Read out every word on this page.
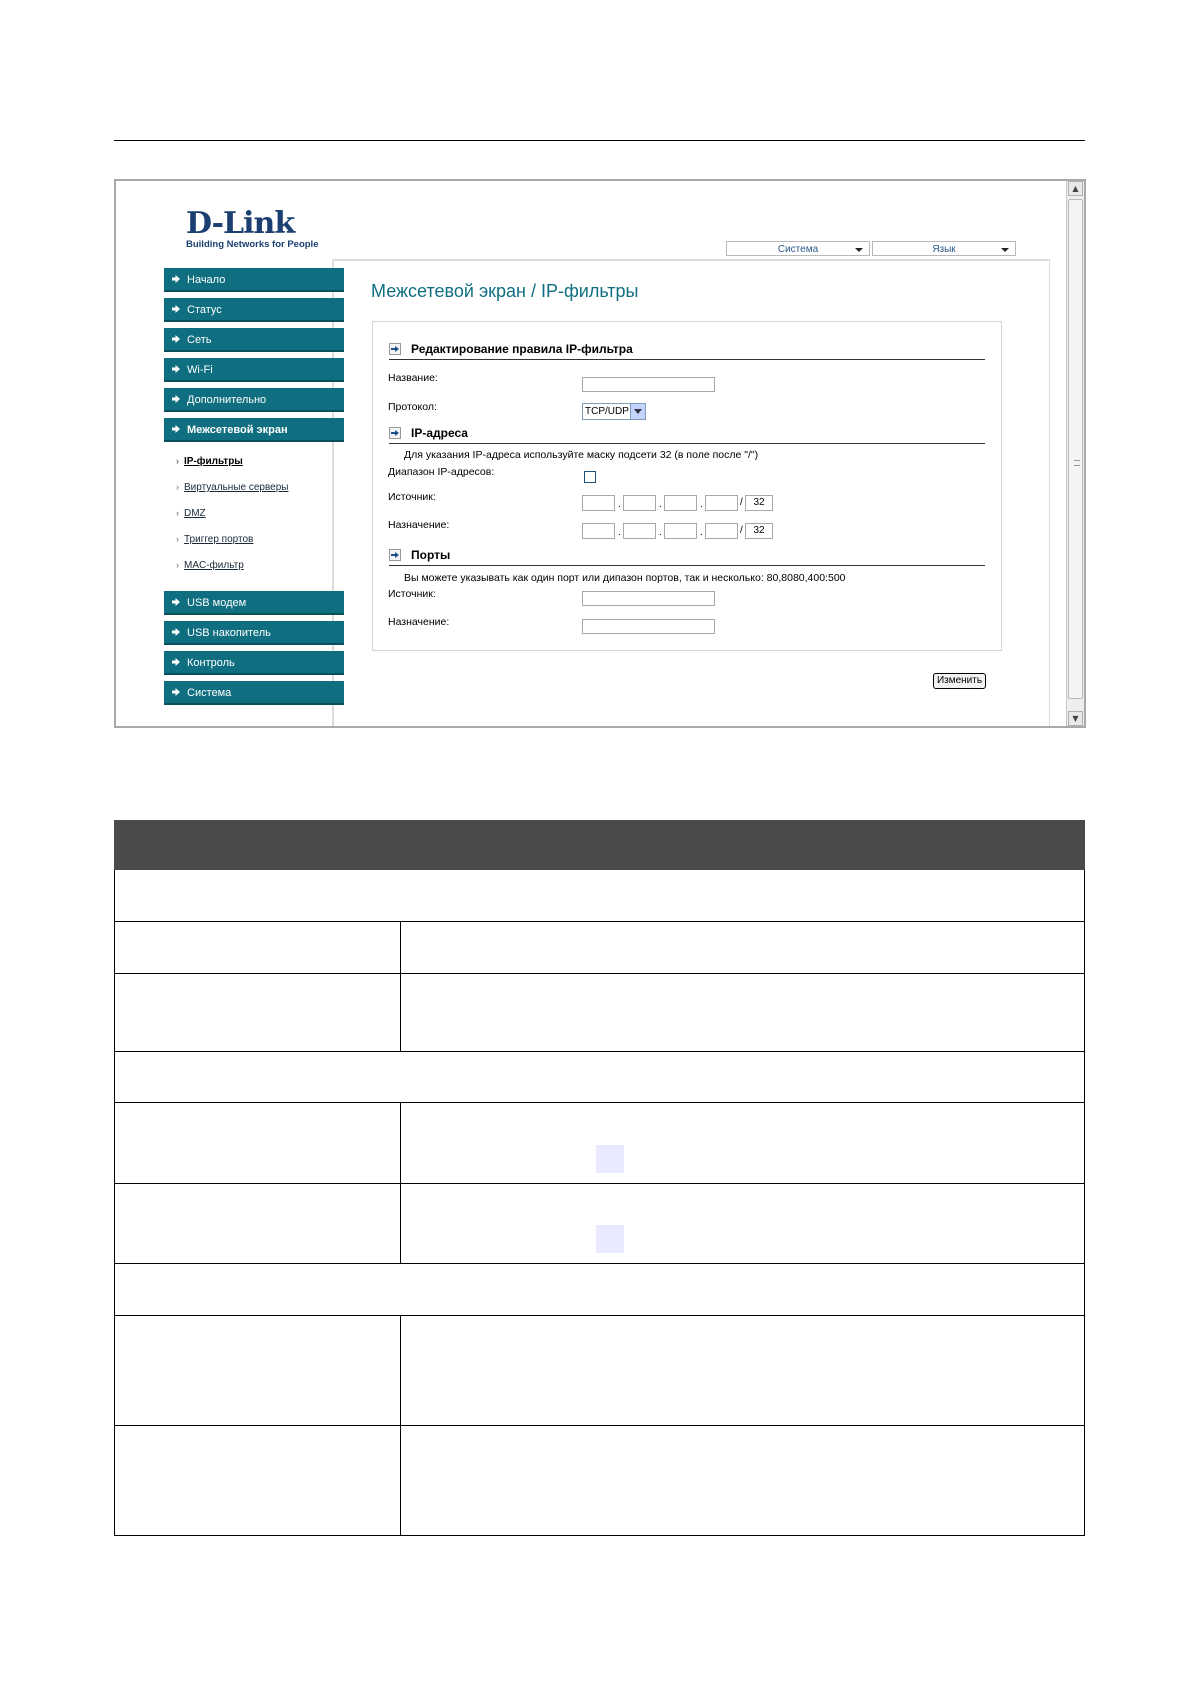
D-Link
Building Networks for People	Система	Язык
Начало
Статус
Сеть
Wi-Fi
Дополнительно
Межсетевой экран
› IP-фильтры
› Виртуальные серверы
› DMZ
› Триггер портов
› MAC-фильтр
USB модем
USB накопитель
Контроль
Система
Межсетевой экран / IP-фильтры
Редактирование правила IP-фильтра
Название:
Протокол:	TCP/UDP
IP-адреса
Для указания IP-адреса используйте маску подсети 32 (в поле после "/")
Диапазон IP-адресов:
Источник:
.	.	.	/	32
Назначение:
.	.	.	/	32
Порты
Вы можете указывать как один порт или дипазон портов, так и несколько: 80,8080,400:500
Источник:
Назначение:
Изменить
▲
▼
